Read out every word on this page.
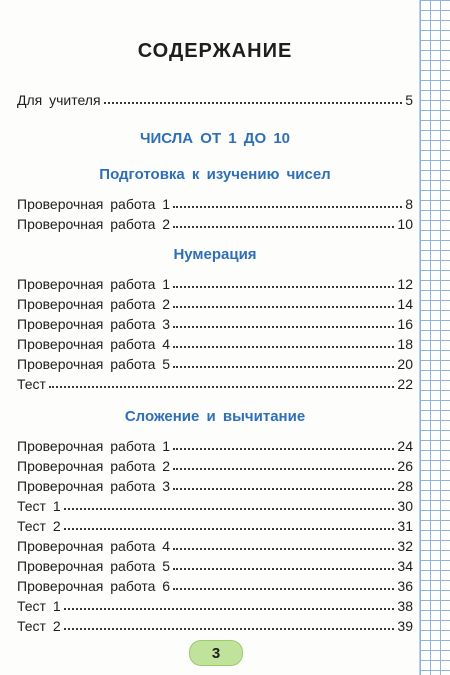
СОДЕРЖАНИЕ
Для учителя	5
ЧИСЛА ОТ 1 ДО 10
Подготовка к изучению чисел
Проверочная работа 1	8
Проверочная работа 2	10
Нумерация
Проверочная работа 1	12
Проверочная работа 2	14
Проверочная работа 3	16
Проверочная работа 4	18
Проверочная работа 5	20
Тест	22
Сложение и вычитание
Проверочная работа 1	24
Проверочная работа 2	26
Проверочная работа 3	28
Тест 1	30
Тест 2	31
Проверочная работа 4	32
Проверочная работа 5	34
Проверочная работа 6	36
Тест 1	38
Тест 2	39
3
